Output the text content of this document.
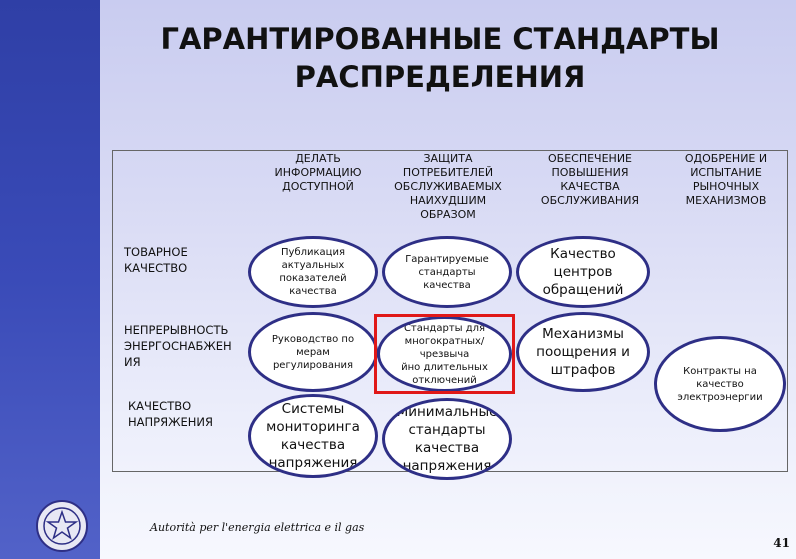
ГАРАНТИРОВАННЫЕ СТАНДАРТЫ
РАСПРЕДЕЛЕНИЯ
ДЕЛАТЬ
ИНФОРМАЦИЮ
ДОСТУПНОЙ
ЗАЩИТА
ПОТРЕБИТЕЛЕЙ
ОБСЛУЖИВАЕМЫХ
НАИХУДШИМ
ОБРАЗОМ
ОБЕСПЕЧЕНИЕ
ПОВЫШЕНИЯ
КАЧЕСТВА
ОБСЛУЖИВАНИЯ
ОДОБРЕНИЕ И
ИСПЫТАНИЕ
РЫНОЧНЫХ
МЕХАНИЗМОВ
ТОВАРНОЕ
КАЧЕСТВО
НЕПРЕРЫВНОСТЬ
ЭНЕРГОСНАБЖЕН
ИЯ
КАЧЕСТВО
НАПРЯЖЕНИЯ
Публикация
актуальных
показателей
качества
Гарантируемые
стандарты
качества
Качество
центров
обращений
Руководство по
мерам
регулирования
Стандарты для
многократных/чрезвыча
йно длительных
отключений
Механизмы
поощрения и
штрафов	Контракты на
качество
электроэнергии
Системы
мониторинга
качества
напряжения
Минимальные
стандарты
качества
напряжения
Autorità per l'energia elettrica e il gas
41
